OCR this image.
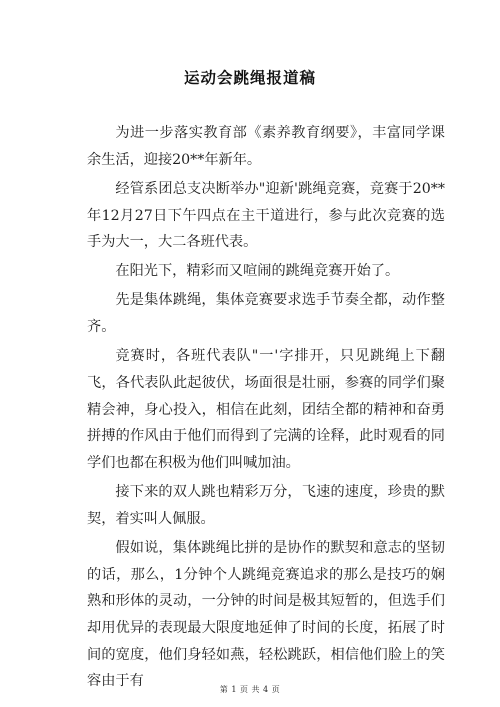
运动会跳绳报道稿

为进一步落实教育部《素养教育纲要》，丰富同学课余生活，迎接20**年新年。

经管系团总支决断举办"迎新'跳绳竞赛，竞赛于20**年12月27日下午四点在主干道进行，参与此次竞赛的选手为大一，大二各班代表。

在阳光下，精彩而又喧闹的跳绳竞赛开始了。

先是集体跳绳，集体竞赛要求选手节奏全都，动作整齐。

竞赛时，各班代表队"一'字排开，只见跳绳上下翻飞，各代表队此起彼伏，场面很是壮丽，参赛的同学们聚精会神，身心投入，相信在此刻，团结全都的精神和奋勇拼搏的作风由于他们而得到了完满的诠释，此时观看的同学们也都在积极为他们叫喊加油。

接下来的双人跳也精彩万分，飞速的速度，珍贵的默契，着实叫人佩服。

假如说，集体跳绳比拼的是协作的默契和意志的坚韧的话，那么，1分钟个人跳绳竞赛追求的那么是技巧的娴熟和形体的灵动，一分钟的时间是极其短暂的，但选手们却用优异的表现最大限度地延伸了时间的长度，拓展了时间的宽度，他们身轻如燕，轻松跳跃，相信他们脸上的笑容由于有

第 1 页 共 4 页
